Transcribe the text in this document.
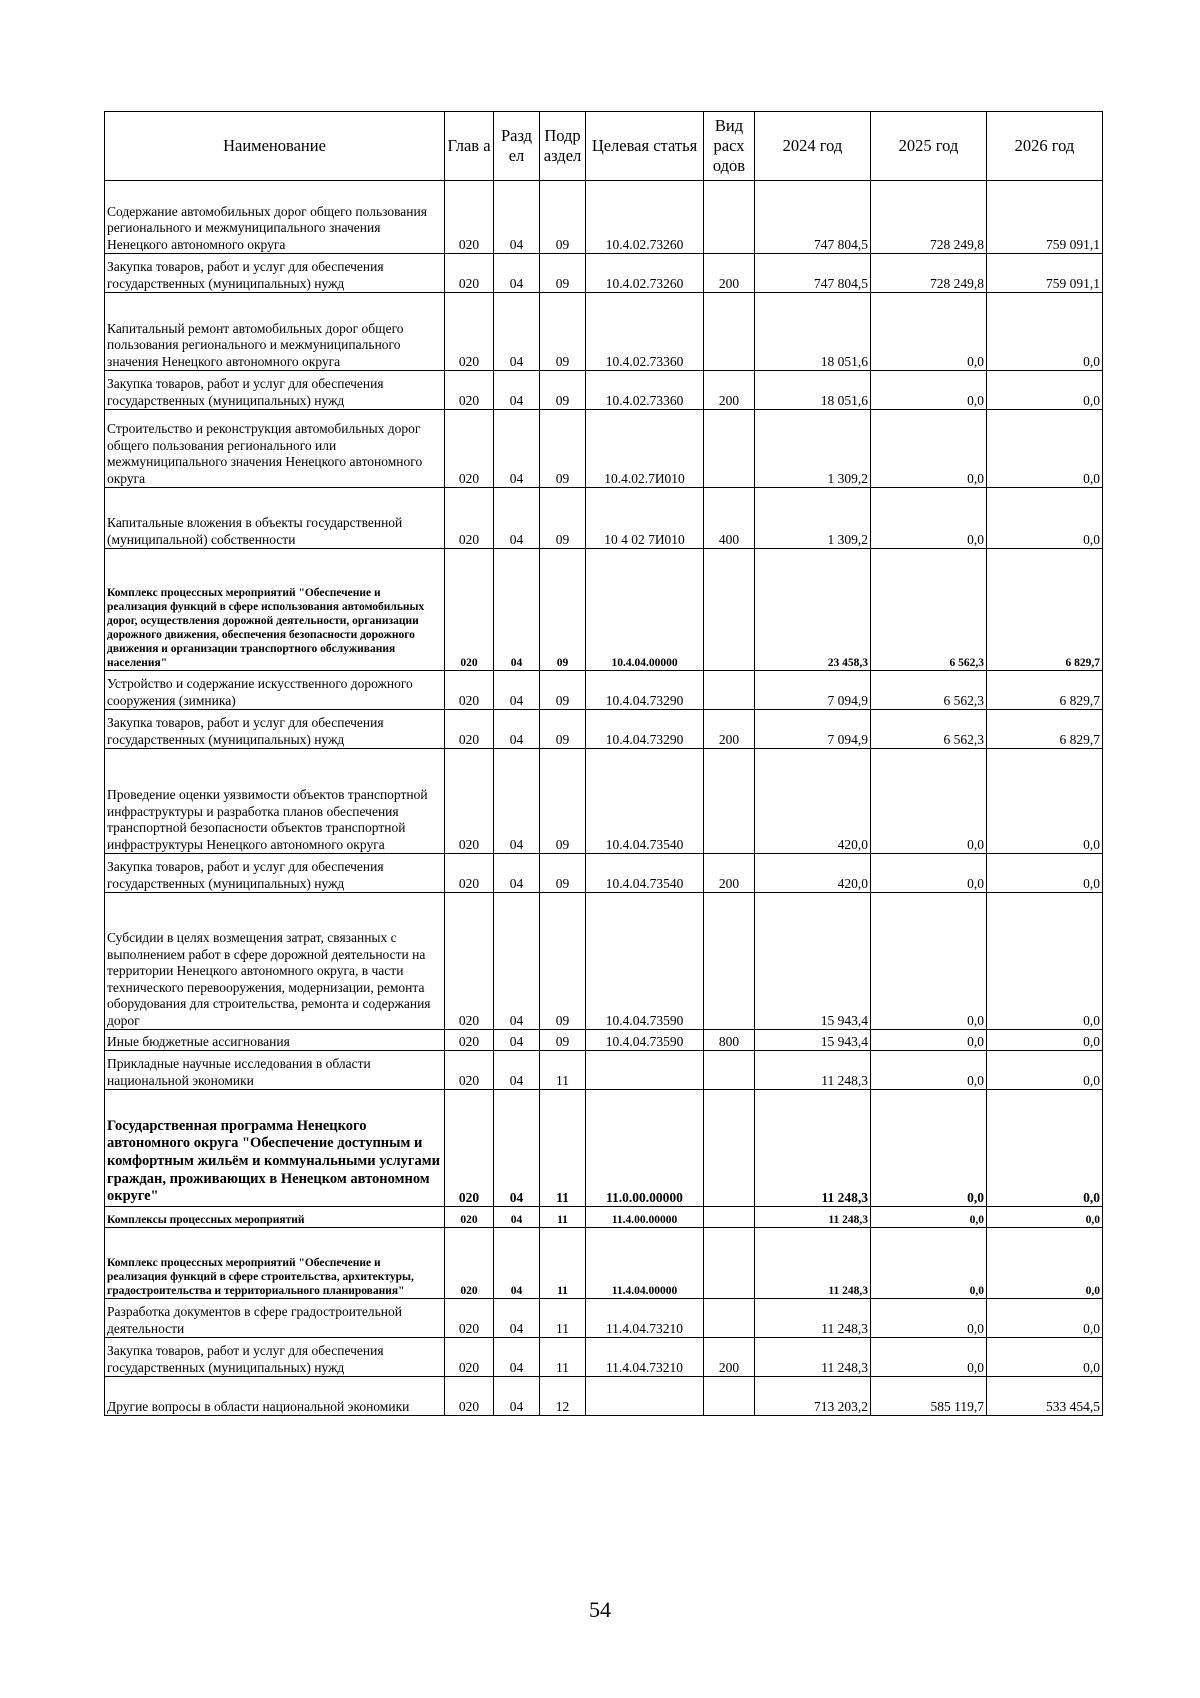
Наименование	Глав а	Разд ел	Подр аздел	Целевая статья	Вид расх одов	2024 год	2025 год	2026 год
Содержание автомобильных дорог общего пользования регионального и межмуниципального значения Ненецкого автономного округа	020	04	09	10.4.02.73260		747 804,5	728 249,8	759 091,1
Закупка товаров, работ и услуг для обеспечения государственных (муниципальных) нужд	020	04	09	10.4.02.73260	200	747 804,5	728 249,8	759 091,1
Капитальный ремонт автомобильных дорог общего пользования регионального и межмуниципального значения Ненецкого автономного округа	020	04	09	10.4.02.73360		18 051,6	0,0	0,0
Закупка товаров, работ и услуг для обеспечения государственных (муниципальных) нужд	020	04	09	10.4.02.73360	200	18 051,6	0,0	0,0
Строительство и реконструкция автомобильных дорог общего пользования регионального или межмуниципального значения Ненецкого автономного округа	020	04	09	10.4.02.7И010		1 309,2	0,0	0,0
Капитальные вложения в объекты государственной (муниципальной) собственности	020	04	09	10 4 02 7И010	400	1 309,2	0,0	0,0
Комплекс процессных мероприятий "Обеспечение и реализация функций в сфере использования автомобильных дорог, осуществления дорожной деятельности, организации дорожного движения, обеспечения безопасности дорожного движения и организации транспортного обслуживания населения"	020	04	09	10.4.04.00000		23 458,3	6 562,3	6 829,7
Устройство и содержание искусственного дорожного сооружения (зимника)	020	04	09	10.4.04.73290		7 094,9	6 562,3	6 829,7
Закупка товаров, работ и услуг для обеспечения государственных (муниципальных) нужд	020	04	09	10.4.04.73290	200	7 094,9	6 562,3	6 829,7
Проведение оценки уязвимости объектов транспортной инфраструктуры и разработка планов обеспечения транспортной безопасности объектов транспортной инфраструктуры Ненецкого автономного округа	020	04	09	10.4.04.73540		420,0	0,0	0,0
Закупка товаров, работ и услуг для обеспечения государственных (муниципальных) нужд	020	04	09	10.4.04.73540	200	420,0	0,0	0,0
Субсидии в целях возмещения затрат, связанных с выполнением работ в сфере дорожной деятельности на территории Ненецкого автономного округа, в части технического перевооружения, модернизации, ремонта оборудования для строительства, ремонта и содержания дорог	020	04	09	10.4.04.73590		15 943,4	0,0	0,0
Иные бюджетные ассигнования	020	04	09	10.4.04.73590	800	15 943,4	0,0	0,0
Прикладные научные исследования в области национальной экономики	020	04	11			11 248,3	0,0	0,0
Государственная программа Ненецкого автономного округа "Обеспечение доступным и комфортным жильём и коммунальными услугами граждан, проживающих в Ненецком автономном округе"	020	04	11	11.0.00.00000		11 248,3	0,0	0,0
Комплексы процессных мероприятий	020	04	11	11.4.00.00000		11 248,3	0,0	0,0
Комплекс процессных мероприятий "Обеспечение и реализация функций в сфере строительства, архитектуры, градостроительства и территориального планирования"	020	04	11	11.4.04.00000		11 248,3	0,0	0,0
Разработка документов в сфере градостроительной деятельности	020	04	11	11.4.04.73210		11 248,3	0,0	0,0
Закупка товаров, работ и услуг для обеспечения государственных (муниципальных) нужд	020	04	11	11.4.04.73210	200	11 248,3	0,0	0,0
Другие вопросы в области национальной экономики	020	04	12			713 203,2	585 119,7	533 454,5
54
